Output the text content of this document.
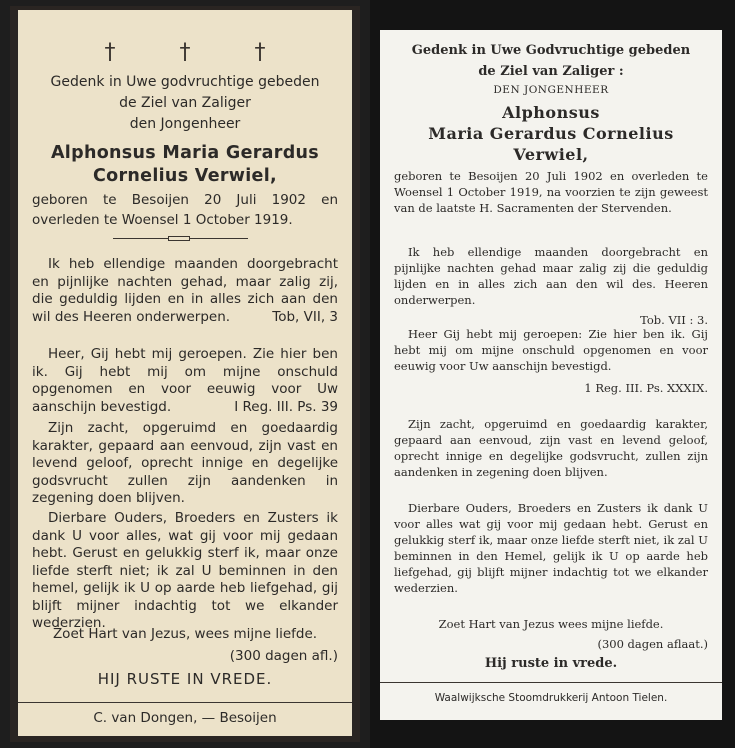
†	†	†

Gedenk in Uwe godvruchtige gebeden

de Ziel van Zaliger

den Jongenheer

Alphonsus Maria Gerardus

Cornelius Verwiel,

geboren te Besoijen 20 Juli 1902 en overleden te Woensel 1 October 1919.

Ik heb ellendige maanden doorgebracht en pijnlijke nachten gehad, maar zalig zij, die geduldig lijden en in alles zich aan den wil des Heeren onderwerpen.	Tob, VII, 3

Heer, Gij hebt mij geroepen. Zie hier ben ik. Gij hebt mij om mijne onschuld opgenomen en voor eeuwig voor Uw aanschijn bevestigd.	I Reg. III. Ps. 39

Zijn zacht, opgeruimd en goedaardig karakter, gepaard aan eenvoud, zijn vast en levend geloof, oprecht innige en degelijke godsvrucht zullen zijn aandenken in zegening doen blijven.

Dierbare Ouders, Broeders en Zusters ik dank U voor alles, wat gij voor mij gedaan hebt. Gerust en gelukkig sterf ik, maar onze liefde sterft niet; ik zal U beminnen in den hemel, gelijk ik U op aarde heb liefgehad, gij blijft mijner indachtig tot we elkander wederzien.

Zoet Hart van Jezus, wees mijne liefde.

(300 dagen afl.)

HIJ RUSTE IN VREDE.

C. van Dongen, — Besoijen

Gedenk in Uwe Godvruchtige gebeden

de Ziel van Zaliger :

DEN JONGENHEER

Alphonsus

Maria Gerardus Cornelius

Verwiel,

geboren te Besoijen 20 Juli 1902 en overleden te Woensel 1 October 1919, na voorzien te zijn geweest van de laatste H. Sacramenten der Stervenden.

Ik heb ellendige maanden doorgebracht en pijnlijke nachten gehad maar zalig zij die geduldig lijden en in alles zich aan den wil des. Heeren onderwerpen.

Tob. VII : 3.

Heer Gij hebt mij geroepen: Zie hier ben ik. Gij hebt mij om mijne onschuld opgenomen en voor eeuwig voor Uw aanschijn bevestigd.

1 Reg. III. Ps. XXXIX.

Zijn zacht, opgeruimd en goedaardig karakter, gepaard aan eenvoud, zijn vast en levend geloof, oprecht innige en degelijke godsvrucht, zullen zijn aandenken in zegening doen blijven.

Dierbare Ouders, Broeders en Zusters ik dank U voor alles wat gij voor mij gedaan hebt. Gerust en gelukkig sterf ik, maar onze liefde sterft niet, ik zal U beminnen in den Hemel, gelijk ik U op aarde heb liefgehad, gij blijft mijner indachtig tot we elkander wederzien.

Zoet Hart van Jezus wees mijne liefde.

(300 dagen aflaat.)

Hij ruste in vrede.

Waalwijksche Stoomdrukkerij Antoon Tielen.
